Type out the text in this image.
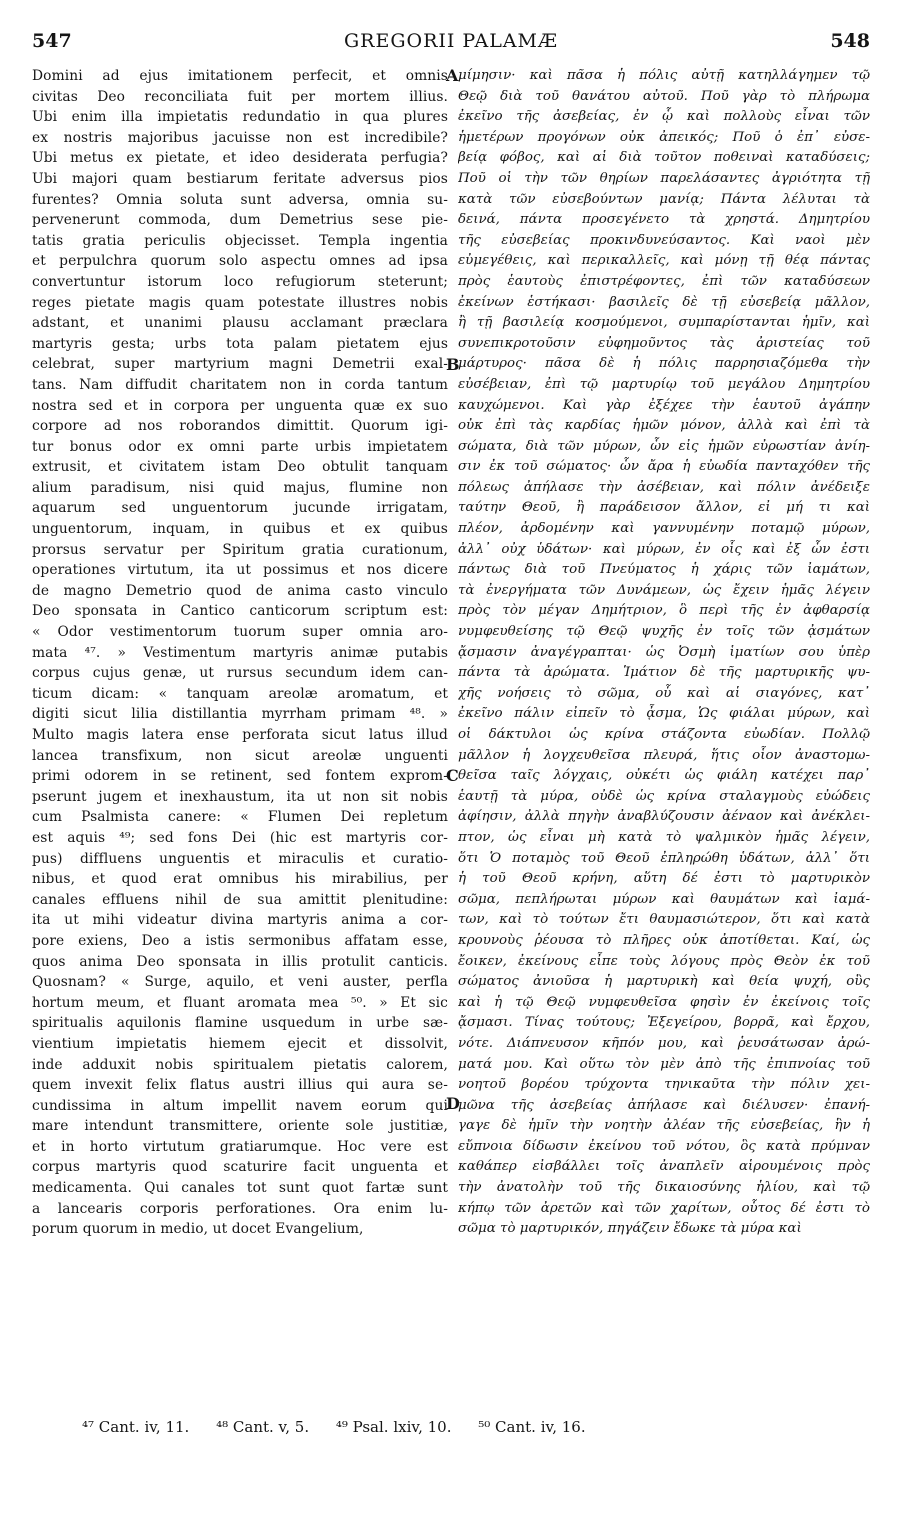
547	GREGORII PALAMÆ	548
Domini ad ejus imitationem perfecit, et omnis
civitas Deo reconciliata fuit per mortem illius.
Ubi enim illa impietatis redundatio in qua plures
ex nostris majoribus jacuisse non est incredibile?
Ubi metus ex pietate, et ideo desiderata perfugia?
Ubi majori quam bestiarum feritate adversus pios
furentes? Omnia soluta sunt adversa, omnia su-
pervenerunt commoda, dum Demetrius sese pie-
tatis gratia periculis objecisset. Templa ingentia
et perpulchra quorum solo aspectu omnes ad ipsa
convertuntur istorum loco refugiorum steterunt;
reges pietate magis quam potestate illustres nobis
adstant, et unanimi plausu acclamant præclara
martyris gesta; urbs tota palam pietatem ejus
celebrat, super martyrium magni Demetrii exal-
tans. Nam diffudit charitatem non in corda tantum
nostra sed et in corpora per unguenta quæ ex suo
corpore ad nos roborandos dimittit. Quorum igi-
tur bonus odor ex omni parte urbis impietatem
extrusit, et civitatem istam Deo obtulit tanquam
alium paradisum, nisi quid majus, flumine non
aquarum sed unguentorum jucunde irrigatam,
unguentorum, inquam, in quibus et ex quibus
prorsus servatur per Spiritum gratia curationum,
operationes virtutum, ita ut possimus et nos dicere
de magno Demetrio quod de anima casto vinculo
Deo sponsata in Cantico canticorum scriptum est:
« Odor vestimentorum tuorum super omnia aro-
mata ⁴⁷. » Vestimentum martyris animæ putabis
corpus cujus genæ, ut rursus secundum idem can-
ticum dicam: « tanquam areolæ aromatum, et
digiti sicut lilia distillantia myrrham primam ⁴⁸. »
Multo magis latera ense perforata sicut latus illud
lancea transfixum, non sicut areolæ unguenti
primi odorem in se retinent, sed fontem exprom-
pserunt jugem et inexhaustum, ita ut non sit nobis
cum Psalmista canere: « Flumen Dei repletum
est aquis ⁴⁹; sed fons Dei (hic est martyris cor-
pus) diffluens unguentis et miraculis et curatio-
nibus, et quod erat omnibus his mirabilius, per
canales effluens nihil de sua amittit plenitudine:
ita ut mihi videatur divina martyris anima a cor-
pore exiens, Deo a istis sermonibus affatam esse,
quos anima Deo sponsata in illis protulit canticis.
Quosnam? « Surge, aquilo, et veni auster, perfla
hortum meum, et fluant aromata mea ⁵⁰. » Et sic
spiritualis aquilonis flamine usquedum in urbe sæ-
vientium impietatis hiemem ejecit et dissolvit,
inde adduxit nobis spiritualem pietatis calorem,
quem invexit felix flatus austri illius qui aura se-
cundissima in altum impellit navem eorum qui
mare intendunt transmittere, oriente sole justitiæ,
et in horto virtutum gratiarumque. Hoc vere est
corpus martyris quod scaturire facit unguenta et
medicamenta. Qui canales tot sunt quot fartæ sunt
a lancearis corporis perforationes. Ora enim lu-
porum quorum in medio, ut docet Evangelium,
μίμησιν· καὶ πᾶσα ἡ πόλις αὐτῇ κατηλλάγημεν τῷ
Θεῷ διὰ τοῦ θανάτου αὐτοῦ. Ποῦ γὰρ τὸ πλήρωμα
ἐκεῖνο τῆς ἀσεβείας, ἐν ᾧ καὶ πολλοὺς εἶναι τῶν
ἡμετέρων προγόνων οὐκ ἀπεικός; Ποῦ ὁ ἐπ᾽ εὐσε-
βείᾳ φόβος, καὶ αἱ διὰ τοῦτον ποθειναὶ καταδύσεις;
Ποῦ οἱ τὴν τῶν θηρίων παρελάσαντες ἀγριότητα τῇ
κατὰ τῶν εὐσεβούντων μανίᾳ; Πάντα λέλυται τὰ
δεινά, πάντα προσεγένετο τὰ χρηστά. Δημητρίου
τῆς εὐσεβείας προκινδυνεύσαντος. Καὶ ναοὶ μὲν
εὐμεγέθεις, καὶ περικαλλεῖς, καὶ μόνῃ τῇ θέᾳ πάντας
πρὸς ἑαυτοὺς ἐπιστρέφοντες, ἐπὶ τῶν καταδύσεων
ἐκείνων ἑστήκασι· βασιλεῖς δὲ τῇ εὐσεβείᾳ μᾶλλον,
ἢ τῇ βασιλείᾳ κοσμούμενοι, συμπαρίστανται ἡμῖν, καὶ
συνεπικροτοῦσιν εὐφημοῦντος τὰς ἀριστείας τοῦ
μάρτυρος· πᾶσα δὲ ἡ πόλις παρρησιαζόμεθα τὴν
εὐσέβειαν, ἐπὶ τῷ μαρτυρίῳ τοῦ μεγάλου Δημητρίου
καυχώμενοι. Καὶ γὰρ ἐξέχεε τὴν ἑαυτοῦ ἀγάπην
οὐκ ἐπὶ τὰς καρδίας ἡμῶν μόνον, ἀλλὰ καὶ ἐπὶ τὰ
σώματα, διὰ τῶν μύρων, ὧν εἰς ἡμῶν εὐρωστίαν ἀνίη-
σιν ἐκ τοῦ σώματος· ὧν ἄρα ἡ εὐωδία πανταχόθεν τῆς
πόλεως ἀπήλασε τὴν ἀσέβειαν, καὶ πόλιν ἀνέδειξε
ταύτην Θεοῦ, ἢ παράδεισον ἄλλον, εἰ μή τι καὶ
πλέον, ἀρδομένην καὶ γαννυμένην ποταμῷ μύρων,
ἀλλ᾽ οὐχ ὑδάτων· καὶ μύρων, ἐν οἷς καὶ ἐξ ὧν ἐστι
πάντως διὰ τοῦ Πνεύματος ἡ χάρις τῶν ἰαμάτων,
τὰ ἐνεργήματα τῶν Δυνάμεων, ὡς ἔχειν ἡμᾶς λέγειν
πρὸς τὸν μέγαν Δημήτριον, ὃ περὶ τῆς ἐν ἀφθαρσίᾳ
νυμφευθείσης τῷ Θεῷ ψυχῆς ἐν τοῖς τῶν ᾀσμάτων
ᾄσμασιν ἀναγέγραπται· ὡς Ὀσμὴ ἱματίων σου ὑπὲρ
πάντα τὰ ἀρώματα. Ἱμάτιον δὲ τῆς μαρτυρικῆς ψυ-
χῆς νοήσεις τὸ σῶμα, οὗ καὶ αἱ σιαγόνες, κατ᾽
ἐκεῖνο πάλιν εἰπεῖν τὸ ᾆσμα, Ὡς φιάλαι μύρων, καὶ
οἱ δάκτυλοι ὡς κρίνα στάζοντα εὐωδίαν. Πολλῷ
μᾶλλον ἡ λογχευθεῖσα πλευρά, ἥτις οἷον ἀναστομω-
θεῖσα ταῖς λόγχαις, οὐκέτι ὡς φιάλη κατέχει παρ᾽
ἑαυτῇ τὰ μύρα, οὐδὲ ὡς κρίνα σταλαγμοὺς εὐώδεις
ἀφίησιν, ἀλλὰ πηγὴν ἀναβλύζουσιν ἀέναον καὶ ἀνέκλει-
πτον, ὡς εἶναι μὴ κατὰ τὸ ψαλμικὸν ἡμᾶς λέγειν,
ὅτι Ὁ ποταμὸς τοῦ Θεοῦ ἐπληρώθη ὑδάτων, ἀλλ᾽ ὅτι
ἡ τοῦ Θεοῦ κρήνη, αὕτη δέ ἐστι τὸ μαρτυρικὸν
σῶμα, πεπλήρωται μύρων καὶ θαυμάτων καὶ ἰαμά-
των, καὶ τὸ τούτων ἔτι θαυμασιώτερον, ὅτι καὶ κατὰ
κρουνοὺς ῥέουσα τὸ πλῆρες οὐκ ἀποτίθεται. Καί, ὡς
ἔοικεν, ἐκείνους εἶπε τοὺς λόγους πρὸς Θεὸν ἐκ τοῦ
σώματος ἀνιοῦσα ἡ μαρτυρικὴ καὶ θεία ψυχή, οὓς
καὶ ἡ τῷ Θεῷ νυμφευθεῖσα φησὶν ἐν ἐκείνοις τοῖς
ᾄσμασι. Τίνας τούτους; Ἐξεγείρου, βορρᾶ, καὶ ἔρχου,
νότε. Διάπνευσον κῆπόν μου, καὶ ῥευσάτωσαν ἀρώ-
ματά μου. Καὶ οὕτω τὸν μὲν ἀπὸ τῆς ἐπιπνοίας τοῦ
νοητοῦ βορέου τρύχοντα τηνικαῦτα τὴν πόλιν χει-
μῶνα τῆς ἀσεβείας ἀπήλασε καὶ διέλυσεν· ἐπανή-
γαγε δὲ ἡμῖν τὴν νοητὴν ἀλέαν τῆς εὐσεβείας, ἣν ἡ
εὔπνοια δίδωσιν ἐκείνου τοῦ νότου, ὃς κατὰ πρύμναν
καθάπερ εἰσβάλλει τοῖς ἀναπλεῖν αἱρουμένοις πρὸς
τὴν ἀνατολὴν τοῦ τῆς δικαιοσύνης ἡλίου, καὶ τῷ
κήπῳ τῶν ἀρετῶν καὶ τῶν χαρίτων, οὗτος δέ ἐστι τὸ
σῶμα τὸ μαρτυρικόν, πηγάζειν ἔδωκε τὰ μύρα καὶ
A
B
C
D
⁴⁷ Cant. iv, 11. ⁴⁸ Cant. v, 5. ⁴⁹ Psal. lxiv, 10. ⁵⁰ Cant. iv, 16.
